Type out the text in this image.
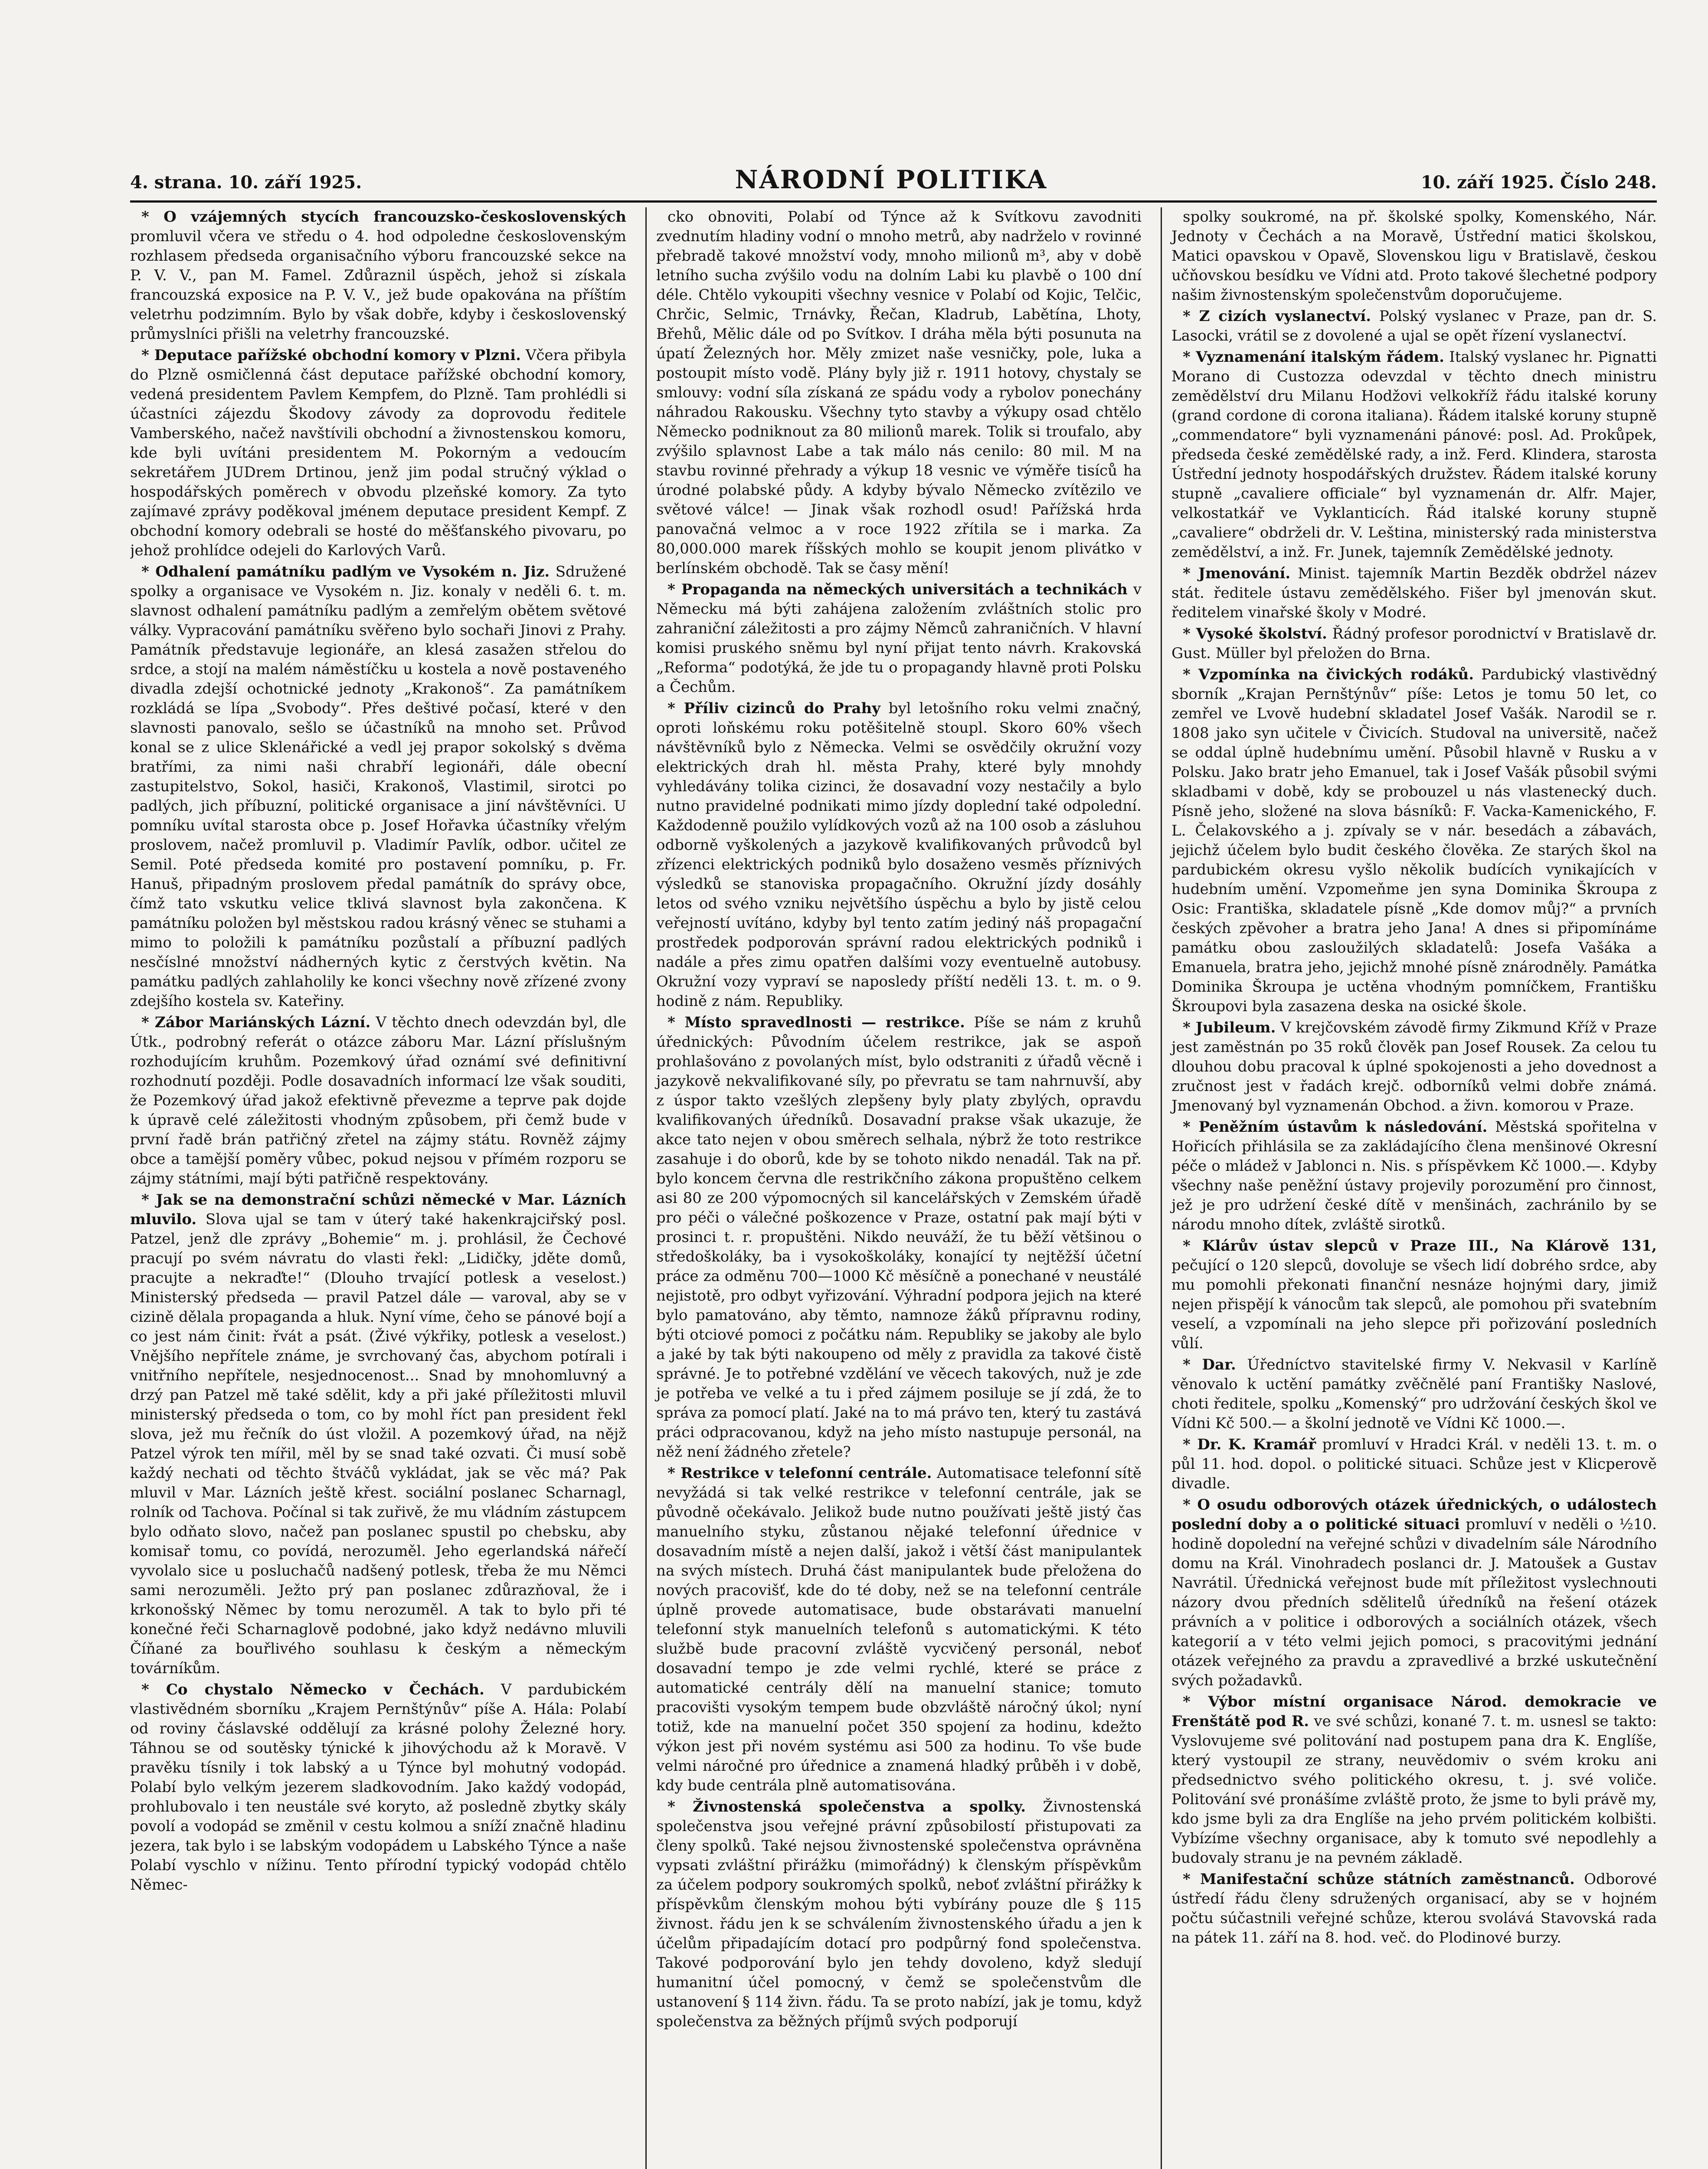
4. strana. 10. září 1925.	NÁRODNÍ POLITIKA	10. září 1925. Číslo 248.

* O vzájemných stycích francouzsko-československých promluvil včera ve středu o 4. hod odpoledne československým rozhlasem předseda organisačního výboru francouzské sekce na P. V. V., pan M. Famel. Zdůraznil úspěch, jehož si získala francouzská exposice na P. V. V., jež bude opakována na příštím veletrhu podzimním. Bylo by však dobře, kdyby i československý průmyslníci přišli na veletrhy francouzské.

* Deputace pařížské obchodní komory v Plzni. Včera přibyla do Plzně osmičlenná část deputace pařížské obchodní komory, vedená presidentem Pavlem Kempfem, do Plzně. Tam prohlédli si účastníci zájezdu Škodovy závody za doprovodu ředitele Vamberského, načež navštívili obchodní a živnostenskou komoru, kde byli uvítáni presidentem M. Pokorným a vedoucím sekretářem JUDrem Drtinou, jenž jim podal stručný výklad o hospodářských poměrech v obvodu plzeňské komory. Za tyto zajímavé zprávy poděkoval jménem deputace president Kempf. Z obchodní komory odebrali se hosté do měšťanského pivovaru, po jehož prohlídce odejeli do Karlových Varů.

* Odhalení památníku padlým ve Vysokém n. Jiz. Sdružené spolky a organisace ve Vysokém n. Jiz. konaly v neděli 6. t. m. slavnost odhalení památníku padlým a zemřelým obětem světové války. Vypracování památníku svěřeno bylo sochaři Jinovi z Prahy. Památník představuje legionáře, an klesá zasažen střelou do srdce, a stojí na malém náměstíčku u kostela a nově postaveného divadla zdejší ochotnické jednoty „Krakonoš“. Za památníkem rozkládá se lípa „Svobody“. Přes deštivé počasí, které v den slavnosti panovalo, sešlo se účastníků na mnoho set. Průvod konal se z ulice Sklenářické a vedl jej prapor sokolský s dvěma bratřími, za nimi naši chrabří legionáři, dále obecní zastupitelstvo, Sokol, hasiči, Krakonoš, Vlastimil, sirotci po padlých, jich příbuzní, politické organisace a jiní návštěvníci. U pomníku uvítal starosta obce p. Josef Hořavka účastníky vřelým proslovem, načež promluvil p. Vladimír Pavlík, odbor. učitel ze Semil. Poté předseda komité pro postavení pomníku, p. Fr. Hanuš, připadným proslovem předal památník do správy obce, čímž tato vskutku velice tklivá slavnost byla zakončena. K památníku položen byl městskou radou krásný věnec se stuhami a mimo to položili k památníku pozůstalí a příbuzní padlých nesčíslné množství nádherných kytic z čerstvých květin. Na památku padlých zahlaholily ke konci všechny nově zřízené zvony zdejšího kostela sv. Kateřiny.

* Zábor Mariánských Lázní. V těchto dnech odevzdán byl, dle Útk., podrobný referát o otázce záboru Mar. Lázní příslušným rozhodujícím kruhům. Pozemkový úřad oznámí své definitivní rozhodnutí později. Podle dosavadních informací lze však souditi, že Pozemkový úřad jakož efektivně převezme a teprve pak dojde k úpravě celé záležitosti vhodným způsobem, při čemž bude v první řadě brán patřičný zřetel na zájmy státu. Rovněž zájmy obce a tamější poměry vůbec, pokud nejsou v přímém rozporu se zájmy státními, mají býti patřičně respektovány.

* Jak se na demonstrační schůzi německé v Mar. Lázních mluvilo. Slova ujal se tam v úterý také hakenkrajciřský posl. Patzel, jenž dle zprávy „Bohemie“ m. j. prohlásil, že Čechové pracují po svém návratu do vlasti řekl: „Lidičky, jděte domů, pracujte a nekraďte!“ (Dlouho trvající potlesk a veselost.) Ministerský předseda — pravil Patzel dále — varoval, aby se v cizině dělala propaganda a hluk. Nyní víme, čeho se pánové bojí a co jest nám činit: řvát a psát. (Živé výkřiky, potlesk a veselost.) Vnějšího nepřítele známe, je svrchovaný čas, abychom potírali i vnitřního nepřítele, nesjednocenost... Snad by mnohomluvný a drzý pan Patzel mě také sdělit, kdy a při jaké příležitosti mluvil ministerský předseda o tom, co by mohl říct pan president řekl slova, jež mu řečník do úst vložil. A pozemkový úřad, na nějž Patzel výrok ten mířil, měl by se snad také ozvati. Či musí sobě každý nechati od těchto štváčů vykládat, jak se věc má? Pak mluvil v Mar. Lázních ještě křest. sociální poslanec Scharnagl, rolník od Tachova. Počínal si tak zuřivě, že mu vládním zástupcem bylo odňato slovo, načež pan poslanec spustil po chebsku, aby komisař tomu, co povídá, nerozuměl. Jeho egerlandská nářečí vyvolalo sice u posluchačů nadšený potlesk, třeba že mu Němci sami nerozuměli. Ježto prý pan poslanec zdůrazňoval, že i krkonošský Němec by tomu nerozuměl. A tak to bylo při té konečné řeči Scharnaglově podobné, jako když nedávno mluvili Číňané za bouřlivého souhlasu k českým a německým továrníkům.

* Co chystalo Německo v Čechách. V pardubickém vlastivědném sborníku „Krajem Pernštýnův“ píše A. Hála: Polabí od roviny čáslavské oddělují za krásné polohy Železné hory. Táhnou se od soutěsky týnické k jihovýchodu až k Moravě. V pravěku tísnily i tok labský a u Týnce byl mohutný vodopád. Polabí bylo velkým jezerem sladkovodním. Jako každý vodopád, prohlubovalo i ten neustále své koryto, až posledně zbytky skály povolí a vodopád se změnil v cestu kolmou a sníží značně hladinu jezera, tak bylo i se labským vodopádem u Labského Týnce a naše Polabí vyschlo v nížinu. Tento přírodní typický vodopád chtělo Němec-

cko obnoviti, Polabí od Týnce až k Svítkovu zavodniti zvednutím hladiny vodní o mnoho metrů, aby nadrželo v rovinné přebradě takové množství vody, mnoho milionů m³, aby v době letního sucha zvýšilo vodu na dolním Labi ku plavbě o 100 dní déle. Chtělo vykoupiti všechny vesnice v Polabí od Kojic, Telčic, Chrčic, Selmic, Trnávky, Řečan, Kladrub, Labětína, Lhoty, Břehů, Mělic dále od po Svítkov. I dráha měla býti posunuta na úpatí Železných hor. Měly zmizet naše vesničky, pole, luka a postoupit místo vodě. Plány byly již r. 1911 hotovy, chystaly se smlouvy: vodní síla získaná ze spádu vody a rybolov ponechány náhradou Rakousku. Všechny tyto stavby a výkupy osad chtělo Německo podniknout za 80 milionů marek. Tolik si troufalo, aby zvýšilo splavnost Labe a tak málo nás cenilo: 80 mil. M na stavbu rovinné přehrady a výkup 18 vesnic ve výměře tisíců ha úrodné polabské půdy. A kdyby bývalo Německo zvítězilo ve světové válce! — Jinak však rozhodl osud! Pařížská hrda panovačná velmoc a v roce 1922 zřítila se i marka. Za 80,000.000 marek říšských mohlo se koupit jenom plivátko v berlínském obchodě. Tak se časy mění!

* Propaganda na německých universitách a technikách v Německu má býti zahájena založením zvláštních stolic pro zahraniční záležitosti a pro zájmy Němců zahraničních. V hlavní komisi pruského sněmu byl nyní přijat tento návrh. Krakovská „Reforma“ podotýká, že jde tu o propagandy hlavně proti Polsku a Čechům.

* Příliv cizinců do Prahy byl letošního roku velmi značný, oproti loňskému roku potěšitelně stoupl. Skoro 60% všech návštěvníků bylo z Německa. Velmi se osvědčily okružní vozy elektrických drah hl. města Prahy, které byly mnohdy vyhledávány tolika cizinci, že dosavadní vozy nestačily a bylo nutno pravidelné podnikati mimo jízdy doplední také odpolední. Každodenně použilo vylídkových vozů až na 100 osob a zásluhou odborně vyškolených a jazykově kvalifikovaných průvodců byl zřízenci elektrických podniků bylo dosaženo vesměs příznivých výsledků se stanoviska propagačního. Okružní jízdy dosáhly letos od svého vzniku největšího úspěchu a bylo by jistě celou veřejností uvítáno, kdyby byl tento zatím jediný náš propagační prostředek podporován správní radou elektrických podniků i nadále a přes zimu opatřen dalšími vozy eventuelně autobusy. Okružní vozy vypraví se naposledy příští neděli 13. t. m. o 9. hodině z nám. Republiky.

* Místo spravedlnosti — restrikce. Píše se nám z kruhů úřednických: Původním účelem restrikce, jak se aspoň prohlašováno z povolaných míst, bylo odstraniti z úřadů věcně i jazykově nekvalifikované síly, po převratu se tam nahrnuvší, aby z úspor takto vzešlých zlepšeny byly platy zbylých, opravdu kvalifikovaných úředníků. Dosavadní prakse však ukazuje, že akce tato nejen v obou směrech selhala, nýbrž že toto restrikce zasahuje i do oborů, kde by se tohoto nikdo nenadál. Tak na př. bylo koncem června dle restrikčního zákona propuštěno celkem asi 80 ze 200 výpomocných sil kancelářských v Zemském úřadě pro péči o válečné poškozence v Praze, ostatní pak mají býti v prosinci t. r. propuštěni. Nikdo neuváží, že tu běží většinou o středoškoláky, ba i vysokoškoláky, konající ty nejtěžší účetní práce za odměnu 700—1000 Kč měsíčně a ponechané v neustálé nejistotě, pro odbyt vyřizování. Výhradní podpora jejich na které bylo pamatováno, aby těmto, namnoze žáků přípravnu rodiny, býti otciové pomoci z počátku nám. Republiky se jakoby ale bylo a jaké by tak býti nakoupeno od měly z pravidla za takové čistě správné. Je to potřebné vzdělání ve věcech takových, nuž je zde je potřeba ve velké a tu i před zájmem posiluje se jí zdá, že to správa za pomocí platí. Jaké na to má právo ten, který tu zastává práci odpracovanou, když na jeho místo nastupuje personál, na něž není žádného zřetele?

* Restrikce v telefonní centrále. Automatisace telefonní sítě nevyžádá si tak velké restrikce v telefonní centrále, jak se původně očekávalo. Jelikož bude nutno používati ještě jistý čas manuelního styku, zůstanou nějaké telefonní úřednice v dosavadním místě a nejen další, jakož i větší část manipulantek na svých místech. Druhá část manipulantek bude přeložena do nových pracovišť, kde do té doby, než se na telefonní centrále úplně provede automatisace, bude obstarávati manuelní telefonní styk manuelních telefonů s automatickými. K této službě bude pracovní zvláště vycvičený personál, neboť dosavadní tempo je zde velmi rychlé, které se práce z automatické centrály dělí na manuelní stanice; tomuto pracovišti vysokým tempem bude obzvláště náročný úkol; nyní totiž, kde na manuelní počet 350 spojení za hodinu, kdežto výkon jest při novém systému asi 500 za hodinu. To vše bude velmi náročné pro úřednice a znamená hladký průběh i v době, kdy bude centrála plně automatisována.

* Živnostenská společenstva a spolky. Živnostenská společenstva jsou veřejné právní způsobilostí přistupovati za členy spolků. Také nejsou živnostenské společenstva oprávněna vypsati zvláštní přirážku (mimořádný) k členským příspěvkům za účelem podpory soukromých spolků, neboť zvláštní přirážky k příspěvkům členským mohou býti vybírány pouze dle § 115 živnost. řádu jen k se schválením živnostenského úřadu a jen k účelům připadajícím dotací pro podpůrný fond společenstva. Takové podporování bylo jen tehdy dovoleno, když sledují humanitní účel pomocný, v čemž se společenstvům dle ustanovení § 114 živn. řádu. Ta se proto nabízí, jak je tomu, když společenstva za běžných příjmů svých podporují

spolky soukromé, na př. školské spolky, Komenského, Nár. Jednoty v Čechách a na Moravě, Ústřední matici školskou, Matici opavskou v Opavě, Slovenskou ligu v Bratislavě, českou učňovskou besídku ve Vídni atd. Proto takové šlechetné podpory našim živnostenským společenstvům doporučujeme.

* Z cizích vyslanectví. Polský vyslanec v Praze, pan dr. S. Lasocki, vrátil se z dovolené a ujal se opět řízení vyslanectví.

* Vyznamenání italským řádem. Italský vyslanec hr. Pignatti Morano di Custozza odevzdal v těchto dnech ministru zemědělství dru Milanu Hodžovi velkokříž řádu italské koruny (grand cordone di corona italiana). Řádem italské koruny stupně „commendatore“ byli vyznamenáni pánové: posl. Ad. Prokůpek, předseda české zemědělské rady, a inž. Ferd. Klindera, starosta Ústřední jednoty hospodářských družstev. Řádem italské koruny stupně „cavaliere officiale“ byl vyznamenán dr. Alfr. Majer, velkostatkář ve Vyklanticích. Řád italské koruny stupně „cavaliere“ obdrželi dr. V. Leština, ministerský rada ministerstva zemědělství, a inž. Fr. Junek, tajemník Zemědělské jednoty.

* Jmenování. Minist. tajemník Martin Bezděk obdržel název stát. ředitele ústavu zemědělského. Fišer byl jmenován skut. ředitelem vinařské školy v Modré.

* Vysoké školství. Řádný profesor porodnictví v Bratislavě dr. Gust. Müller byl přeložen do Brna.

* Vzpomínka na čivických rodáků. Pardubický vlastivědný sborník „Krajan Pernštýnův“ píše: Letos je tomu 50 let, co zemřel ve Lvově hudební skladatel Josef Vašák. Narodil se r. 1808 jako syn učitele v Čivicích. Studoval na universitě, načež se oddal úplně hudebnímu umění. Působil hlavně v Rusku a v Polsku. Jako bratr jeho Emanuel, tak i Josef Vašák působil svými skladbami v době, kdy se probouzel u nás vlastenecký duch. Písně jeho, složené na slova básníků: F. Vacka-Kamenického, F. L. Čelakovského a j. zpívaly se v nár. besedách a zábavách, jejichž účelem bylo budit českého člověka. Ze starých škol na pardubickém okresu vyšlo několik budících vynikajících v hudebním umění. Vzpomeňme jen syna Dominika Škroupa z Osic: Františka, skladatele písně „Kde domov můj?“ a prvních českých zpěvoher a bratra jeho Jana! A dnes si připomínáme památku obou zasloužilých skladatelů: Josefa Vašáka a Emanuela, bratra jeho, jejichž mnohé písně znárodněly. Památka Dominika Škroupa je uctěna vhodným pomníčkem, Františku Škroupovi byla zasazena deska na osické škole.

* Jubileum. V krejčovském závodě firmy Zikmund Kříž v Praze jest zaměstnán po 35 roků člověk pan Josef Rousek. Za celou tu dlouhou dobu pracoval k úplné spokojenosti a jeho dovednost a zručnost jest v řadách krejč. odborníků velmi dobře známá. Jmenovaný byl vyznamenán Obchod. a živn. komorou v Praze.

* Peněžním ústavům k následování. Městská spořitelna v Hořicích přihlásila se za zakládajícího člena menšinové Okresní péče o mládež v Jablonci n. Nis. s příspěvkem Kč 1000.—. Kdyby všechny naše peněžní ústavy projevily porozumění pro činnost, jež je pro udržení české dítě v menšinách, zachránilo by se národu mnoho dítek, zvláště sirotků.

* Klárův ústav slepců v Praze III., Na Klárově 131, pečující o 120 slepců, dovoluje se všech lidí dobrého srdce, aby mu pomohli překonati finanční nesnáze hojnými dary, jimiž nejen přispějí k vánocům tak slepců, ale pomohou při svatebním veselí, a vzpomínali na jeho slepce při pořizování posledních vůlí.

* Dar. Úředníctvo stavitelské firmy V. Nekvasil v Karlíně věnovalo k uctění památky zvěčnělé paní Františky Naslové, choti ředitele, spolku „Komenský“ pro udržování českých škol ve Vídni Kč 500.— a školní jednotě ve Vídni Kč 1000.—.

* Dr. K. Kramář promluví v Hradci Král. v neděli 13. t. m. o půl 11. hod. dopol. o politické situaci. Schůze jest v Klicperově divadle.

* O osudu odborových otázek úřednických, o událostech poslední doby a o politické situaci promluví v neděli o ½10. hodině dopolední na veřejné schůzi v divadelním sále Národního domu na Král. Vinohradech poslanci dr. J. Matoušek a Gustav Navrátil. Úřednická veřejnost bude mít příležitost vyslechnouti názory dvou předních sdělitelů úředníků na řešení otázek právních a v politice i odborových a sociálních otázek, všech kategorií a v této velmi jejich pomoci, s pracovitými jednání otázek veřejného za pravdu a zpravedlivé a brzké uskutečnění svých požadavků.

* Výbor místní organisace Národ. demokracie ve Frenštátě pod R. ve své schůzi, konané 7. t. m. usnesl se takto: Vyslovujeme své politování nad postupem pana dra K. Englíše, který vystoupil ze strany, neuvědomiv o svém kroku ani předsednictvo svého politického okresu, t. j. své voliče. Politování své pronášíme zvláště proto, že jsme to byli právě my, kdo jsme byli za dra Englíše na jeho prvém politickém kolbišti. Vybízíme všechny organisace, aby k tomuto své nepodlehly a budovaly stranu je na pevném základě.

* Manifestační schůze státních zaměstnanců. Odborové ústředí řádu členy sdružených organisací, aby se v hojném počtu súčastnili veřejné schůze, kterou svolává Stavovská rada na pátek 11. září na 8. hod. več. do Plodinové burzy.
